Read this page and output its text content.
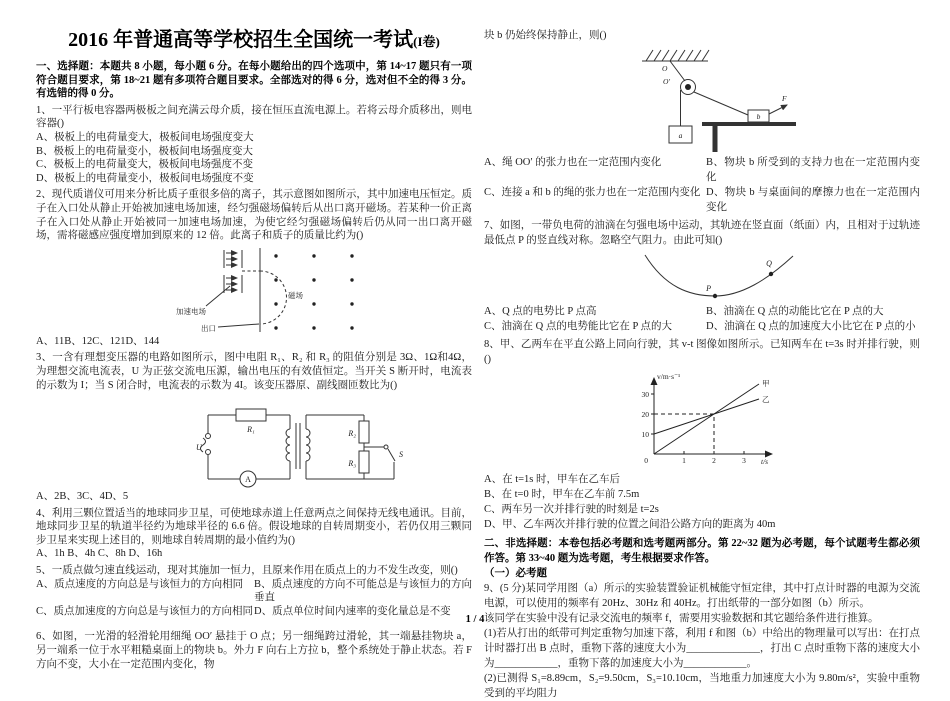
2016 年普通高等学校招生全国统一考试(I卷)

一、选择题：本题共 8 小题，每小题 6 分。在每小题给出的四个选项中，第 14~17 题只有一项符合题目要求，第 18~21 题有多项符合题目要求。全部选对的得 6 分，选对但不全的得 3 分。有选错的得 0 分。

1、一平行板电容器两极板之间充满云母介质，接在恒压直流电源上。若将云母介质移出，则电容器()

A、极板上的电荷量变大，极板间电场强度变大

B、极板上的电荷量变小，极板间电场强度变大

C、极板上的电荷量变大，极板间电场强度不变

D、极板上的电荷量变小，极板间电场强度不变

2、现代质谱仪可用来分析比质子重很多倍的离子，其示意图如图所示，其中加速电压恒定。质子在入口处从静止开始被加速电场加速，经匀强磁场偏转后从出口离开磁场。若某种一价正离子在入口处从静止开始被同一加速电场加速，为使它经匀强磁场偏转后仍从同一出口离开磁场，需将磁感应强度增加到原来的 12 倍。此离子和质子的质量比约为()

加速电场
磁场
出口

A、11B、12C、121D、144

3、一含有理想变压器的电路如图所示，图中电阻 R₁、R₂ 和 R₃ 的阻值分别是 3Ω、1Ω和4Ω，为理想交流电流表，U 为正弦交流电压源，输出电压的有效值恒定。当开关 S 断开时，电流表的示数为 I；当 S 闭合时，电流表的示数为 4I。该变压器原、副线圈匝数比为()

U
R₁
A
R₂
R₃
S

A、2B、3C、4D、5

4、利用三颗位置适当的地球同步卫星，可使地球赤道上任意两点之间保持无线电通讯。目前，地球同步卫星的轨道半径约为地球半径的 6.6 倍。假设地球的自转周期变小，若仍仅用三颗同步卫星来实现上述目的，则地球自转周期的最小值约为()

A、1h B、4h C、8h D、16h

5、一质点做匀速直线运动，现对其施加一恒力，且原来作用在质点上的力不发生改变，则()

A、质点速度的方向总是与该恒力的方向相同	B、质点速度的方向不可能总是与该恒力的方向垂直
C、质点加速度的方向总是与该恒力的方向相同 D、质点单位时间内速率的变化量总是不变

6、如图，一光滑的轻滑轮用细绳 OO′ 悬挂于 O 点；另一细绳跨过滑轮，其一端悬挂物块 a，另一端系一位于水平粗糙桌面上的物块 b。外力 F 向右上方拉 b，整个系统处于静止状态。若 F 方向不变，大小在一定范围内变化，物

块 b 仍始终保持静止，则()

O
O′
a
b
F
A、绳 OO′ 的张力也在一定范围内变化	B、物块 b 所受到的支持力也在一定范围内变化
C、连接 a 和 b 的绳的张力也在一定范围内变化 D、物块 b 与桌面间的摩擦力也在一定范围内变化

7、如图，一带负电荷的油滴在匀强电场中运动，其轨迹在竖直面（纸面）内，且相对于过轨迹最低点 P 的竖直线对称。忽略空气阻力。由此可知()

P
Q
A、Q 点的电势比 P 点高	B、油滴在 Q 点的动能比它在 P 点的大
C、油滴在 Q 点的电势能比它在 P 点的大	D、油滴在 Q 点的加速度大小比它在 P 点的小

8、甲、乙两车在平直公路上同向行驶，其 v-t 图像如图所示。已知两车在 t=3s 时并排行驶，则()

v/m·s⁻¹
t/s
0
10
20
30
1	2	3
甲
乙

A、在 t=1s 时，甲车在乙车后

B、在 t=0 时，甲车在乙车前 7.5m

C、两车另一次并排行驶的时刻是 t=2s

D、甲、乙车两次并排行驶的位置之间沿公路方向的距离为 40m

二、非选择题：本卷包括必考题和选考题两部分。第 22~32 题为必考题，每个试题考生都必须作答。第 33~40 题为选考题，考生根据要求作答。

（一）必考题

9、(5 分)某同学用图（a）所示的实验装置验证机械能守恒定律，其中打点计时器的电源为交流电源，可以使用的频率有 20Hz、30Hz 和 40Hz。打出纸带的一部分如图（b）所示。

该同学在实验中没有记录交流电的频率 f，需要用实验数据和其它题给条件进行推算。

(1)若从打出的纸带可判定重物匀加速下落，利用 f 和图（b）中给出的物理量可以写出：在打点计时器打出 B 点时，重物下落的速度大小为______________，打出 C 点时重物下落的速度大小为____________，重物下落的加速度大小为____________。

(2)已测得 S₁=8.89cm，S₂=9.50cm，S₃=10.10cm，当地重力加速度大小为 9.80m/s²，实验中重物受到的平均阻力

1 / 4
